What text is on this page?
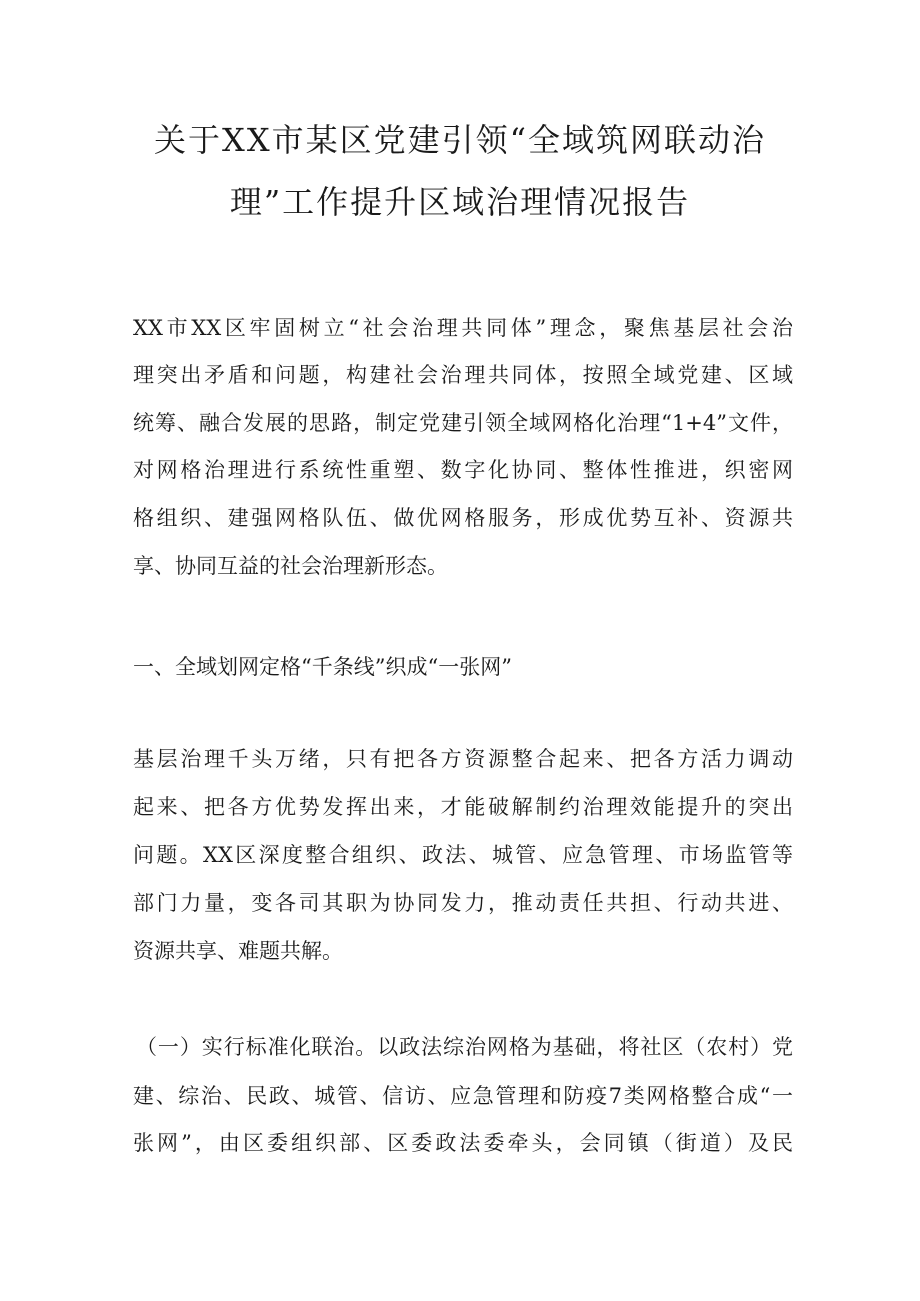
关于XX市某区党建引领“全域筑网联动治
理”工作提升区域治理情况报告
XX市XX区牢固树立“社会治理共同体”理念，聚焦基层社会治
理突出矛盾和问题，构建社会治理共同体，按照全域党建、区域
统筹、融合发展的思路，制定党建引领全域网格化治理“1+4”文件，
对网格治理进行系统性重塑、数字化协同、整体性推进，织密网
格组织、建强网格队伍、做优网格服务，形成优势互补、资源共
享、协同互益的社会治理新形态。
一、全域划网定格“千条线”织成“一张网”
基层治理千头万绪，只有把各方资源整合起来、把各方活力调动
起来、把各方优势发挥出来，才能破解制约治理效能提升的突出
问题。XX区深度整合组织、政法、城管、应急管理、市场监管等
部门力量，变各司其职为协同发力，推动责任共担、行动共进、
资源共享、难题共解。
（一）实行标准化联治。以政法综治网格为基础，将社区（农村）党
建、综治、民政、城管、信访、应急管理和防疫7类网格整合成“一
张网”，由区委组织部、区委政法委牵头，会同镇（街道）及民
